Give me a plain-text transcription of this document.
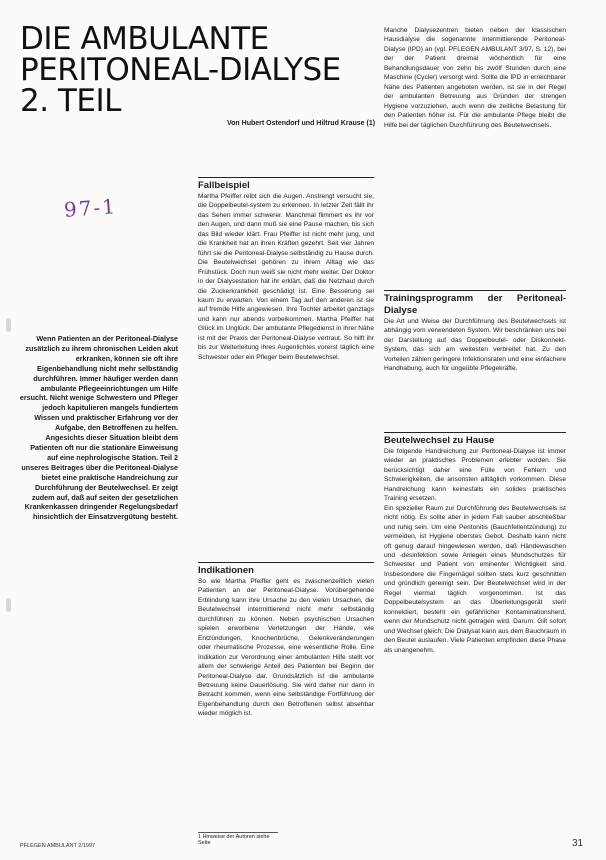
DIE AMBULANTE
PERITONEAL-DIALYSE
2. TEIL
Von Hubert Ostendorf und Hiltrud Krause (1)
97-1
Wenn Patienten an der Peritoneal-Dialyse zusätzlich zu ihrem chronischen Leiden akut erkranken, können sie oft ihre Eigenbehandlung nicht mehr selbständig durchführen. Immer häufiger werden dann ambulante Pflegeeinrichtungen um Hilfe ersucht. Nicht wenige Schwestern und Pfleger jedoch kapitulieren mangels fundiertem Wissen und praktischer Erfahrung vor der Aufgabe, den Betroffenen zu helfen. Angesichts dieser Situation bleibt dem Patienten oft nur die stationäre Einweisung auf eine nephrologische Station. Teil 2 unseres Beitrages über die Peritoneal-Dialyse bietet eine praktische Handreichung zur Durchführung der Beutelwechsel. Er zeigt zudem auf, daß auf seiten der gesetzlichen Krankenkassen dringender Regelungsbedarf hinsichtlich der Einsatzvergütung besteht.

Fallbeispiel

Martha Pfeiffer reibt sich die Augen. Anstrengt versucht sie, die Doppelbeutel-system zu erkennen. In letzter Zeit fällt ihr das Sehen immer schwerer. Manchmal flimmert es ihr vor den Augen, und dann muß sie eine Pause machen, bis sich das Bild wieder klärt. Frau Pfeiffer ist nicht mehr jung, und die Krankheit hat an ihren Kräften gezehrt. Seit vier Jahren führt sie die Peritoneal-Dialyse selbständig zu Hause durch. Die Beutelwechsel gehören zu ihrem Alltag wie das Frühstück. Doch nun weiß sie nicht mehr weiter. Der Doktor in der Dialysestation hat ihr erklärt, daß die Netzhaut durch die Zuckerkrankheit geschädigt ist. Eine Besserung sei kaum zu erwarten. Von einem Tag auf den anderen ist sie auf fremde Hilfe angewiesen. Ihre Tochter arbeitet ganztags und kann nur abends vorbeikommen. Martha Pfeiffer hat Glück im Unglück. Der ambulante Pflegedienst in ihrer Nähe ist mit der Praxis der Peritoneal-Dialyse vertraut. So hilft ihr bis zur Weiterleitung ihres Augenlichtes vorerst täglich eine Schwester oder ein Pfleger beim Beutelwechsel.

Indikationen

So wie Martha Pfeiffer geht es zwischenzeitlich vielen Patienten an der Peritoneal-Dialyse. Vorübergehende Erblindung kann ihre Ursache zu den vielen Ursachen, die Beutelwechsel intermittierend nicht mehr selbständig durchführen zu können. Neben psychischen Ursachen spielen erworbene Verletzungen der Hände, wie Entzündungen, Knochenbrüche, Gelenkveränderungen oder rheumatische Prozesse, eine wesentliche Rolle. Eine Indikation zur Verordnung einer ambulanten Hilfe stellt vor allem der schwierige Anteil des Patienten bei Beginn der Peritoneal-Dialyse dar. Grundsätzlich ist die ambulante Betreuung keine Dauerlösung. Sie wird daher nur dann in Betracht kommen, wenn eine selbständige Fortführung der Eigenbehandlung durch den Betroffenen selbst absehbar wieder möglich ist.

Manche Dialysezentren bieten neben der klassischen Hausdialyse die sogenannte intermittierende Peritoneal-Dialyse (IPD) an (vgl. PFLEGEN AMBULANT 3/97, S. 12), bei der der Patient dreimal wöchentlich für eine Behandlungsdauer von zehn bis zwölf Stunden durch eine Maschine (Cycler) versorgt wird. Sollte die IPD in erreichbarer Nähe des Patienten angeboten werden, ist sie in der Regel der ambulanten Betreuung aus Gründen der strengen Hygiene vorzuziehen, auch wenn die zeitliche Belastung für den Patienten höher ist. Für die ambulante Pflege bleibt die Hilfe bei der täglichen Durchführung des Beutelwechsels.

Trainingsprogramm der Peritoneal-Dialyse

Die Art und Weise der Durchführung des Beutelwechsels ist abhängig vom verwendeten System. Wir beschränken uns bei der Darstellung auf das Doppelbeutel- oder Diskonnekt-System, das sich am weitesten verbreitet hat. Zu den Vorteilen zählen geringere Infektionsraten und eine einfachere Handhabung, auch für ungeübte Pflegekräfte.

Beutelwechsel zu Hause

Die folgende Handreichung zur Peritoneal-Dialyse ist immer wieder an praktisches Problemen erlebter worden. Sie berücksichtigt daher eine Fülle von Fehlern und Schwierigkeiten, die ansonsten alltäglich vorkommen. Diese Handreichung kann keinesfalls ein solides praktisches Training ersetzen.

Ein spezieller Raum zur Durchführung des Beutelwechsels ist nicht nötig. Es sollte aber in jedem Fall sauber abschließbar und ruhig sein. Um eine Peritonitis (Bauchfellentzündung) zu vermeiden, ist Hygiene oberstes Gebot. Deshalb kann nicht oft genug darauf hingewiesen werden, daß Händewaschen und -desinfektion sowie Anlegen eines Mundschutzes für Schwester und Patient von eminenter Wichtigkeit sind. Insbesondere die Fingernägel sollten stets kurz geschnitten und gründlich gereinigt sein. Der Beutelwechsel wird in der Regel viermal täglich vorgenommen. Ist das Doppelbeutelsystem an das Überleitungsgerät steril konnektiert, besteht ein gefährlicher Kontaminationsherd, wenn der Mundschutz nicht getragen wird. Darum: Gilt sofort und Wechsel gleich: Die Dialysat kann aus dem Bauchraum in den Beutel auslaufen. Viele Patienten empfinden diese Phase als unangenehm.

1 Hinweise der Autoren siehe Seite
PFLEGEN AMBULANT 2/1997	31
